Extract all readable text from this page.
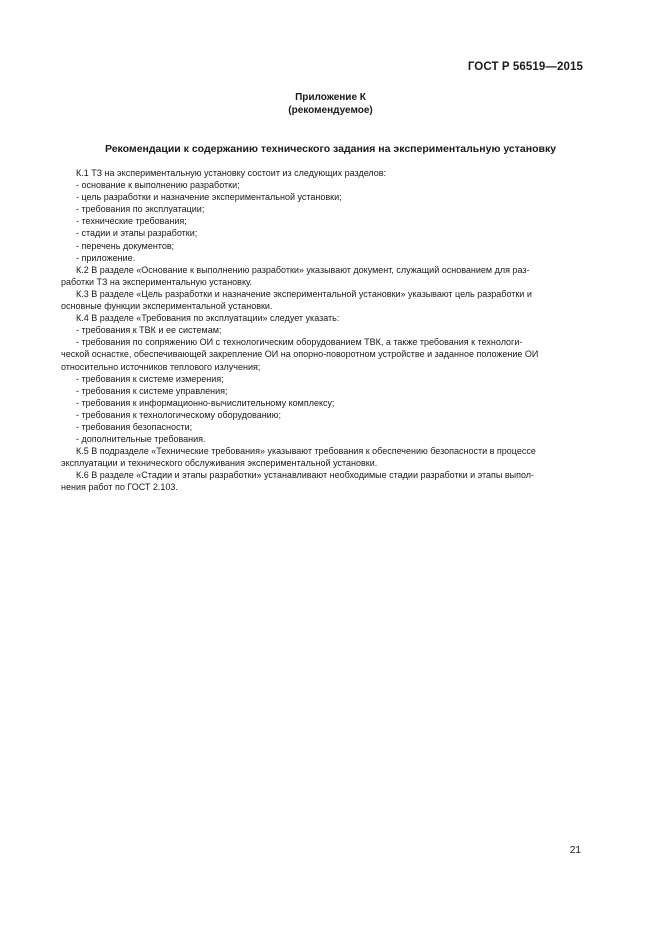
ГОСТ Р 56519—2015
Приложение К
(рекомендуемое)
Рекомендации к содержанию технического задания на экспериментальную установку
К.1 ТЗ на экспериментальную установку состоит из следующих разделов:
- основание к выполнению разработки;
- цель разработки и назначение экспериментальной установки;
- требования по эксплуатации;
- технические требования;
- стадии и этапы разработки;
- перечень документов;
- приложение.
К.2 В разделе «Основание к выполнению разработки» указывают документ, служащий основанием для раз-
работки ТЗ на экспериментальную установку.
К.3 В разделе «Цель разработки и назначение экспериментальной установки» указывают цель разработки и
основные функции экспериментальной установки.
К.4 В разделе «Требования по эксплуатации» следует указать:
- требования к ТВК и ее системам;
- требования по сопряжению ОИ с технологическим оборудованием ТВК, а также требования к технологи-
ческой оснастке, обеспечивающей закрепление ОИ на опорно-поворотном устройстве и заданное положение ОИ
относительно источников теплового излучения;
- требования к системе измерения;
- требования к системе управления;
- требования к информационно-вычислительному комплексу;
- требования к технологическому оборудованию;
- требования безопасности;
- дополнительные требования.
К.5 В подразделе «Технические требования» указывают требования к обеспечению безопасности в процессе
эксплуатации и технического обслуживания экспериментальной установки.
К.6 В разделе «Стадии и этапы разработки» устанавливают необходимые стадии разработки и этапы выпол-
нения работ по ГОСТ 2.103.
21
